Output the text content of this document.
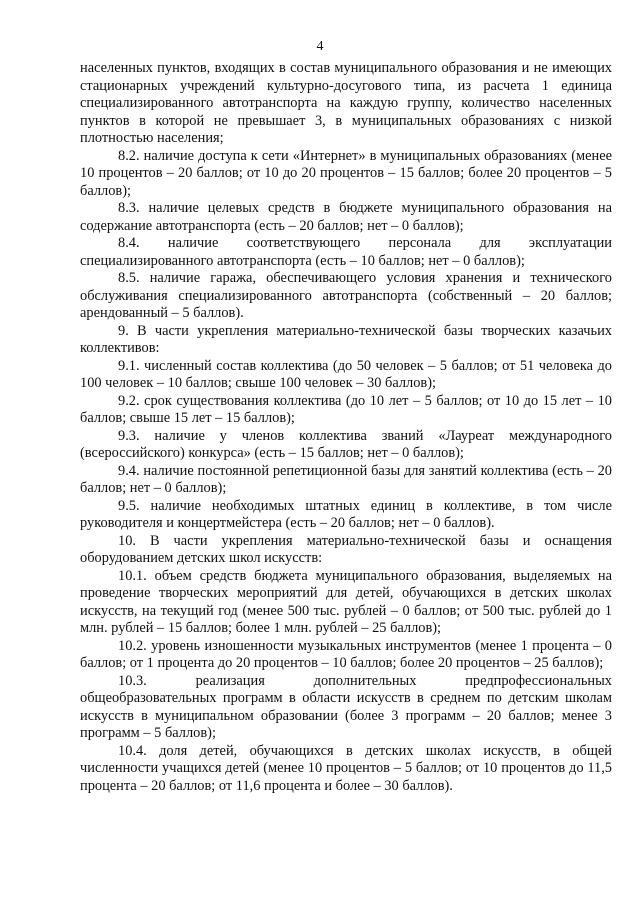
4

населенных пунктов, входящих в состав муниципального образования и не имеющих стационарных учреждений культурно-досугового типа, из расчета 1 единица специализированного автотранспорта на каждую группу, количество населенных пунктов в которой не превышает 3, в муниципальных образованиях с низкой плотностью населения;

8.2. наличие доступа к сети «Интернет» в муниципальных образованиях (менее 10 процентов – 20 баллов; от 10 до 20 процентов – 15 баллов; более 20 процентов – 5 баллов);

8.3. наличие целевых средств в бюджете муниципального образования на содержание автотранспорта (есть – 20 баллов; нет – 0 баллов);

8.4. наличие соответствующего персонала для эксплуатации специализированного автотранспорта (есть – 10 баллов; нет – 0 баллов);

8.5. наличие гаража, обеспечивающего условия хранения и технического обслуживания специализированного автотранспорта (собственный – 20 баллов; арендованный – 5 баллов).

9. В части укрепления материально-технической базы творческих казачьих коллективов:

9.1. численный состав коллектива (до 50 человек – 5 баллов; от 51 человека до 100 человек – 10 баллов; свыше 100 человек – 30 баллов);

9.2. срок существования коллектива (до 10 лет – 5 баллов; от 10 до 15 лет – 10 баллов; свыше 15 лет – 15 баллов);

9.3. наличие у членов коллектива званий «Лауреат международного (всероссийского) конкурса» (есть – 15 баллов; нет – 0 баллов);

9.4. наличие постоянной репетиционной базы для занятий коллектива (есть – 20 баллов; нет – 0 баллов);

9.5. наличие необходимых штатных единиц в коллективе, в том числе руководителя и концертмейстера (есть – 20 баллов; нет – 0 баллов).

10. В части укрепления материально-технической базы и оснащения оборудованием детских школ искусств:

10.1. объем средств бюджета муниципального образования, выделяемых на проведение творческих мероприятий для детей, обучающихся в детских школах искусств, на текущий год (менее 500 тыс. рублей – 0 баллов; от 500 тыс. рублей до 1 млн. рублей – 15 баллов; более 1 млн. рублей – 25 баллов);

10.2. уровень изношенности музыкальных инструментов (менее 1 процента – 0 баллов; от 1 процента до 20 процентов – 10 баллов; более 20 процентов – 25 баллов);

10.3. реализация дополнительных предпрофессиональных общеобразовательных программ в области искусств в среднем по детским школам искусств в муниципальном образовании (более 3 программ – 20 баллов; менее 3 программ – 5 баллов);

10.4. доля детей, обучающихся в детских школах искусств, в общей численности учащихся детей (менее 10 процентов – 5 баллов; от 10 процентов до 11,5 процента – 20 баллов; от 11,6 процента и более – 30 баллов).
